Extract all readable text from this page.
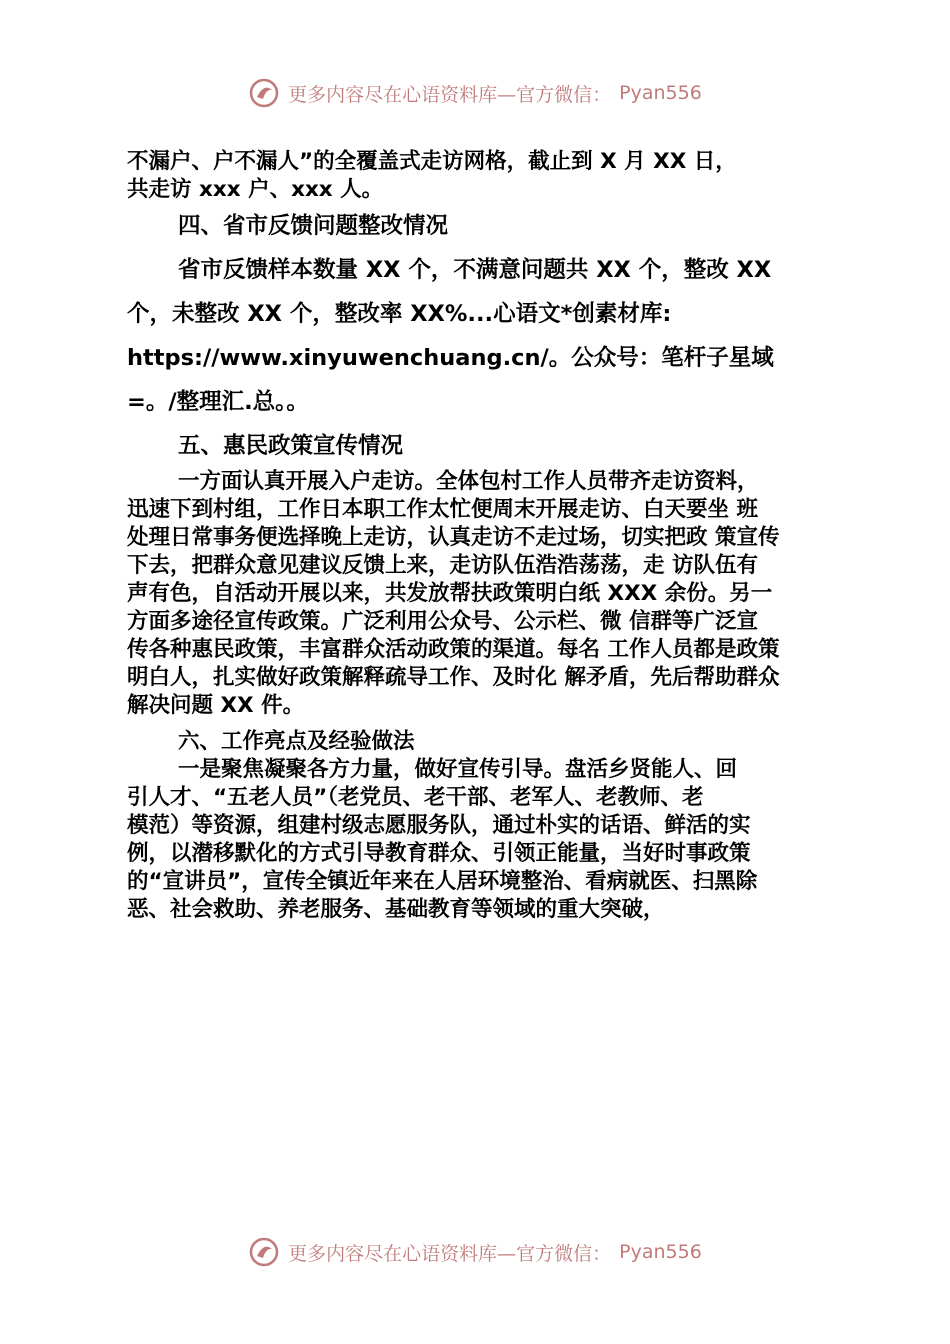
更多内容尽在心语资料库—官方微信： Pyan556

不漏户、户不漏人”的全覆盖式走访网格，截止到 X 月 XX 日，

共走访 xxx 户、xxx 人。

四、省市反馈问题整改情况

省市反馈样本数量 XX 个，不满意问题共 XX 个，整改 XX

个，未整改 XX 个，整改率 XX%...心语文*创素材库:

https://www.xinyuwenchuang.cn/。公众号：笔杆子星域

=。/整理汇.总。。

五、惠民政策宣传情况

一方面认真开展入户走访。全体包村工作人员带齐走访资料，

迅速下到村组，工作日本职工作太忙便周末开展走访、白天要坐 班

处理日常事务便选择晚上走访，认真走访不走过场，切实把政 策宣传

下去，把群众意见建议反馈上来，走访队伍浩浩荡荡，走 访队伍有

声有色，自活动开展以来，共发放帮扶政策明白纸 XXX 余份。另一

方面多途径宣传政策。广泛利用公众号、公示栏、微 信群等广泛宣

传各种惠民政策，丰富群众活动政策的渠道。每名 工作人员都是政策

明白人，扎实做好政策解释疏导工作、及时化 解矛盾，先后帮助群众

解决问题 XX 件。

六、工作亮点及经验做法

一是聚焦凝聚各方力量，做好宣传引导。盘活乡贤能人、回

引人才、“五老人员”（老党员、老干部、老军人、老教师、老

模范）等资源，组建村级志愿服务队，通过朴实的话语、鲜活的实

例，以潜移默化的方式引导教育群众、引领正能量，当好时事政策

的“宣讲员”，宣传全镇近年来在人居环境整治、看病就医、扫黑除

恶、社会救助、养老服务、基础教育等领域的重大突破，

更多内容尽在心语资料库—官方微信： Pyan556
